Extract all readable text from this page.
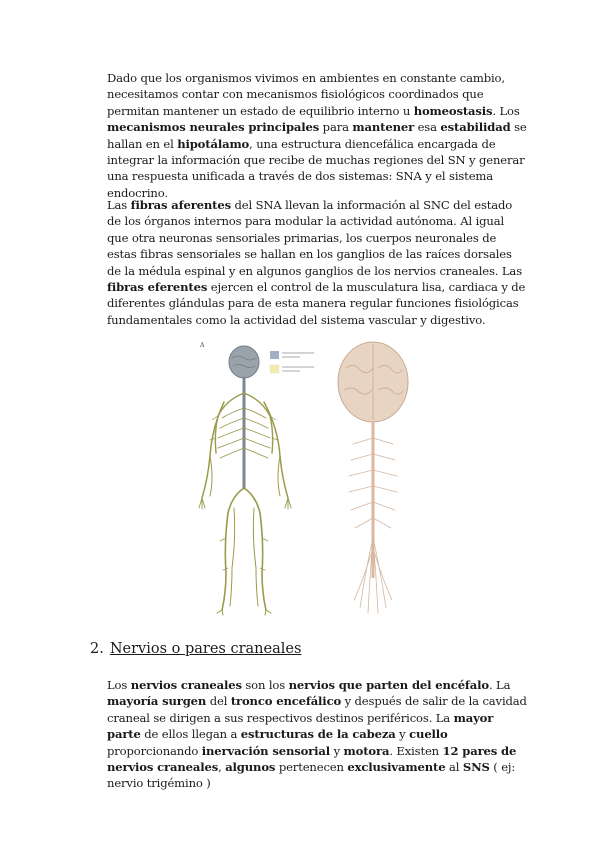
Dado que los organismos vivimos en ambientes en constante cambio, necesitamos contar con mecanismos fisiológicos coordinados que permitan mantener un estado de equilibrio interno u homeostasis. Los mecanismos neurales principales para mantener esa estabilidad se hallan en el hipotálamo, una estructura diencefálica encargada de integrar la información que recibe de muchas regiones del SN y generar una respuesta unificada a través de dos sistemas: SNA y el sistema endocrino.

Las fibras aferentes del SNA llevan la información al SNC del estado de los órganos internos para modular la actividad autónoma. Al igual que otra neuronas sensoriales primarias, los cuerpos neuronales de estas fibras sensoriales se hallan en los ganglios de las raíces dorsales de la médula espinal y en algunos ganglios de los nervios craneales. Las fibras eferentes ejercen el control de la musculatura lisa, cardiaca y de diferentes glándulas para de esta manera regular funciones fisiológicas fundamentales como la actividad del sistema vascular y digestivo.

A
2. Nervios o pares craneales

Los nervios craneales son los nervios que parten del encéfalo. La mayoría surgen del tronco encefálico y después de salir de la cavidad craneal se dirigen a sus respectivos destinos periféricos. La mayor parte de ellos llegan a estructuras de la cabeza y cuello proporcionando inervación sensorial y motora. Existen 12 pares de nervios craneales, algunos pertenecen exclusivamente al SNS ( ej: nervio trigémino )
